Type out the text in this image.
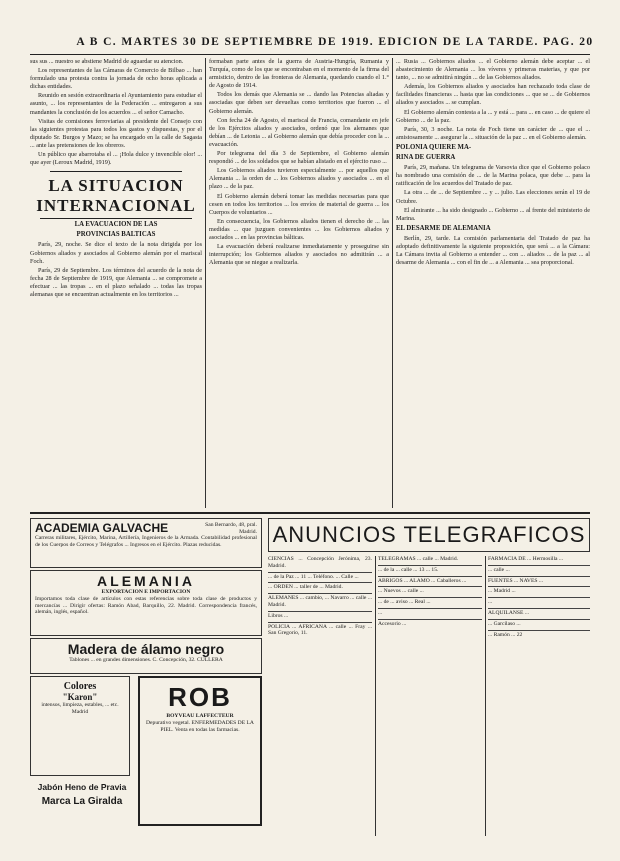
A B C. MARTES 30 DE SEPTIEMBRE DE 1919. EDICION DE LA TARDE. PAG. 20

sus sus ... nuestro se abstiene Madrid de aguardar su atencion.

Los representantes de las Cámaras de Comercio de Bilbao ... han formulado una protesta contra la jornada de ocho horas aplicada a dichas entidades.

Reunido en sesión extraordinaria el Ayuntamiento para estudiar el asunto, ... los representantes de la Federación ... entregaron a sus mandantes la conclusión de los acuerdos ... el señor Camacho.

Visitas de comisiones ferroviarias al presidente del Consejo con las siguientes protestas para todos los gastos y dispuestas, y por el diputado Sr. Burgos y Mazo; se ha encargado en la calle de Sagasta ... ante las pretensiones de los obreros.

Un público que abarrotaba el ... ¡Hola dulce y invencible olor! ... que ayer (Leroux Madrid, 1919).

LA SITUACION
INTERNACIONAL
LA EVACUACION DE LAS
PROVINCIAS BALTICAS

París, 29, noche. Se dice el texto de la nota dirigida por los Gobiernos aliados y asociados al Gobierno alemán por el mariscal Foch.

París, 29 de Septiembre. Los términos del acuerdo de la nota de fecha 28 de Septiembre de 1919, que Alemania ... se compromete a efectuar ... las tropas ... en el plazo señalado ... todas las tropas alemanas que se encuentran actualmente en los territorios ...

formaban parte antes de la guerra de Austria-Hungría, Rumania y Turquía, como de los que se encontraban en el momento de la firma del armisticio, dentro de las fronteras de Alemania, quedando cuando el 1.° de Agosto de 1914.

Todos los demás que Alemania se ... dando las Potencias aliadas y asociadas que deben ser devueltas como territorios que fueron ... el Gobierno alemán.

Con fecha 24 de Agosto, el mariscal de Francia, comandante en jefe de los Ejércitos aliados y asociados, ordenó que los alemanes que debían ... de Letonia ... al Gobierno alemán que debía proceder con la ... evacuación.

Por telegrama del día 3 de Septiembre, el Gobierno alemán respondió ... de los soldados que se habían alistado en el ejército ruso ...

Los Gobiernos aliados tuvieron especialmente ... por aquellos que Alemania ... la orden de ... los Gobiernos aliados y asociados ... en el plazo ... de la paz.

El Gobierno alemán deberá tomar las medidas necesarias para que cesen en todos los territorios ... los envíos de material de guerra ... los Cuerpos de voluntarios ...

En consecuencia, los Gobiernos aliados tienen el derecho de ... las medidas ... que juzguen convenientes ... los Gobiernos aliados y asociados ... en las provincias bálticas.

La evacuación deberá realizarse inmediatamente y proseguirse sin interrupción; los Gobiernos aliados y asociados no admitirán ... a Alemania que se niegue a realizarla.

... Rusia ... Gobiernos aliados ... el Gobierno alemán debe aceptar ... el abastecimiento de Alemania ... los víveres y primeras materias, y que por tanto, ... no se admitirá ningún ... de las Gobiernos aliados.

Además, los Gobiernos aliados y asociados han rechazado toda clase de facilidades financieras ... hasta que las condiciones ... que se ... de Gobiernos aliados y asociados ... se cumplan.

El Gobierno alemán contesta a la ... y está ... para ... en caso ... de quiere el Gobierno ... de la paz.

París, 30, 3 noche. La nota de Foch tiene un carácter de ... que el ... amistosamente ... asegurar la ... situación de la paz ... en el Gobierno alemán.

POLONIA QUIERE MA-
RINA DE GUERRA

París, 29, mañana. Un telegrama de Varsovia dice que el Gobierno polaco ha nombrado una comisión de ... de la Marina polaca, que debe ... para la ratificación de los acuerdos del Tratado de paz.

La otra ... de ... de Septiembre ... y ... julio. Las elecciones serán el 19 de Octubre.

El almirante ... ha sido designado ... Gobierno ... al frente del ministerio de Marina.

EL DESARME DE ALEMANIA

Berlín, 29, tarde. La comisión parlamentaria del Tratado de paz ha adoptado definitivamente la siguiente proposición, que será ... a la Cámara: La Cámara invita al Gobierno a entender ... con ... aliados ... de la paz ... al desarme de Alemania ... con el fin de ... a Alemania ... sea proporcional.

ACADEMIA GALVACHE	San Bernardo, 48, pral. Madrid.
Carreras militares, Ejército, Marina, Artillería, Ingenieros de la Armada. Contabilidad profesional de los Cuerpos de Correos y Telégrafos ... Ingresos en el Ejército. Plazas reducidas.
ALEMANIA
EXPORTACION E IMPORTACION
Importamos toda clase de artículos con estas referencias sobre toda clase de productos y mercancías ... Dirigir ofertas: Ramón Abad, Barquillo, 22. Madrid. Correspondencia francés, alemán, inglés, español.
Madera de álamo negro
Tablones ... en grandes dimensiones. C. Concepción, 32. CULLERA
Colores
"Karon"
intensos, limpieza, estables, ... etc. Madrid	ROB
BOYVEAU LAFFECTEUR
Depurativo vegetal. ENFERMEDADES DE LA PIEL. Venta en todas las farmacias.
Jabón Heno de Pravia
Marca La Giralda
ANUNCIOS TELEGRAFICOS

CIENCIAS ... Concepción Jerónima, 23. Madrid.

... de la Paz ... 11 ... Teléfono. ... Calle ...

... ORDEN ... taller de ... Madrid.

ALEMANES ... cambio, ... Navarro ... calle ... Madrid.

Libros ...

POLICIA ... AFRICANA ... calle ... Fray ... San Gregorio, 11.

TELEGRAMAS ... calle ... Madrid.

... de la ... calle ... 13 ... 15.

ABRIGOS ... ALAMO ... Caballeros ...

... Nuevos ... calle ...

... de ... aviso ... Real ...

...

Accesorio ...

FARMACIA DE ... Hermosilla ...

... calle ...

FUENTES ... NAVES ...

... Madrid ...

...

ALQUILANSE ...

... Garcilaso ...

... Ramón ... 22
